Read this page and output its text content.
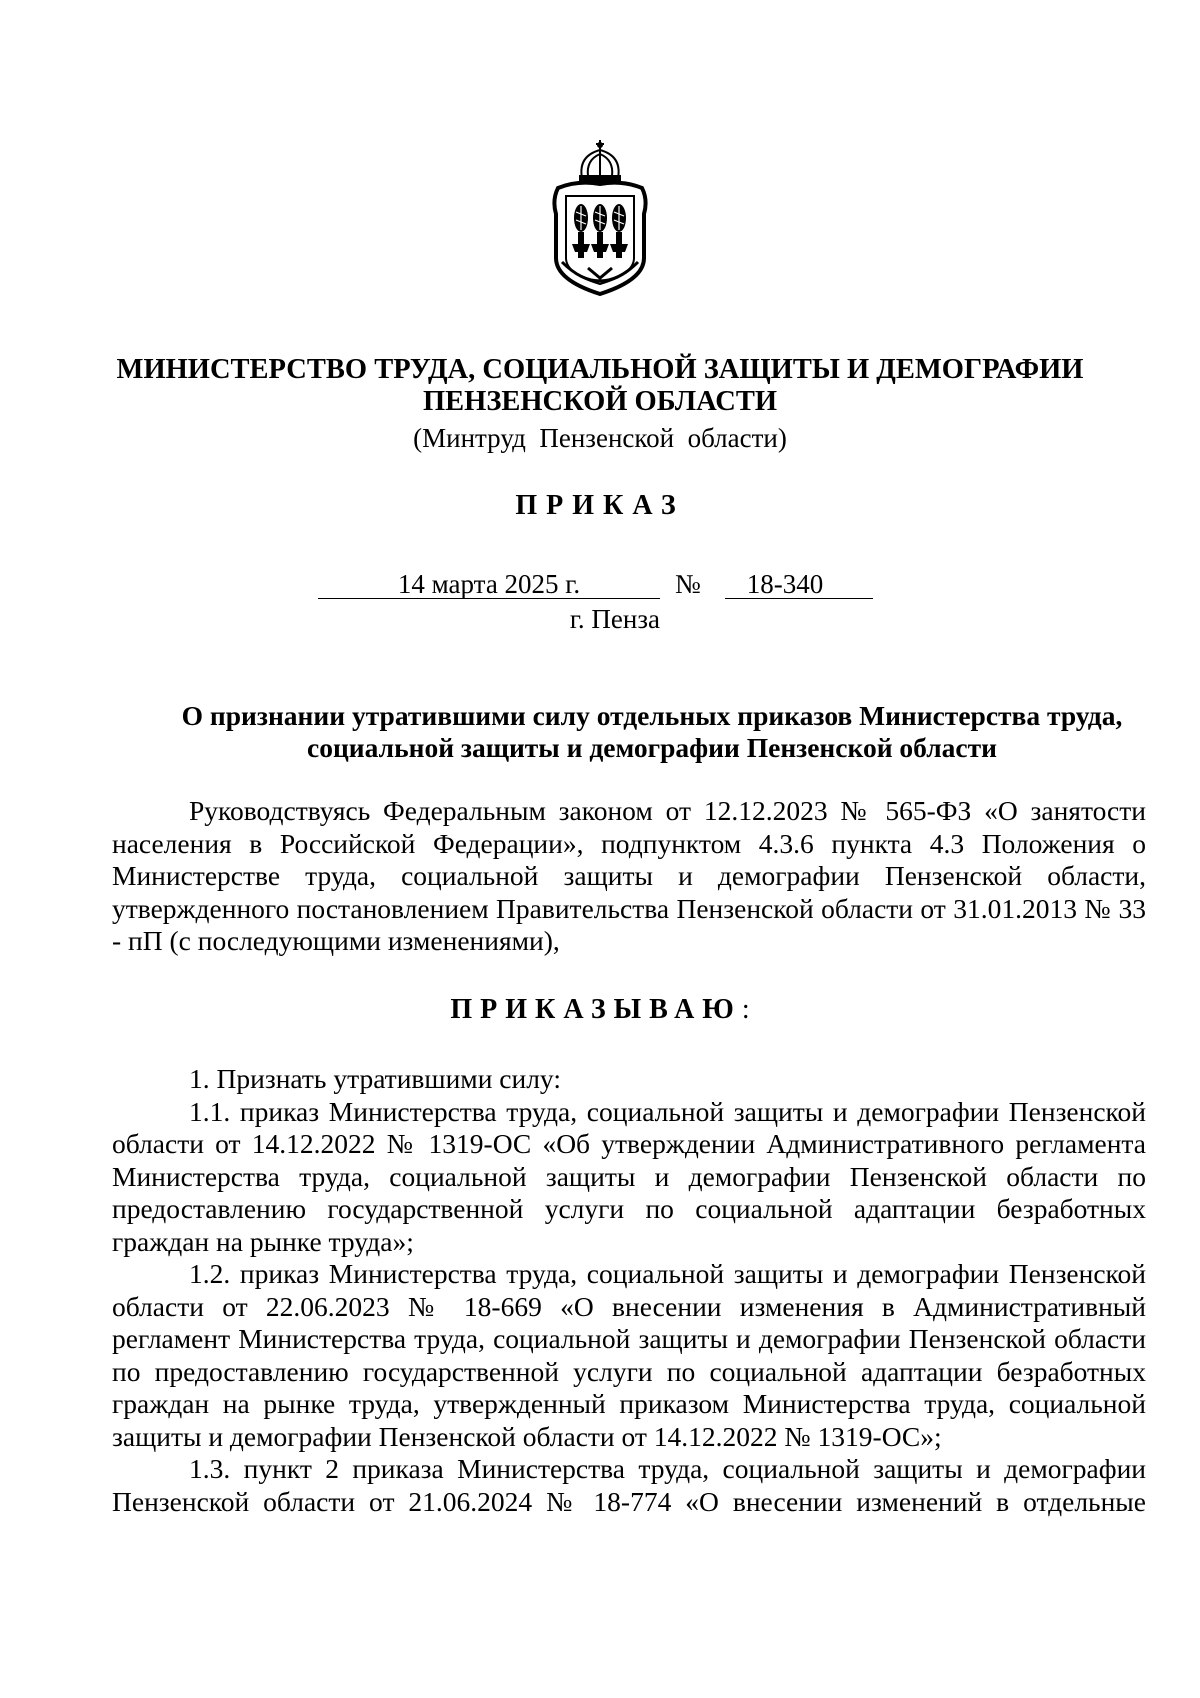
МИНИСТЕРСТВО ТРУДА, СОЦИАЛЬНОЙ ЗАЩИТЫ И ДЕМОГРАФИИ
ПЕНЗЕНСКОЙ ОБЛАСТИ
(Минтруд  Пензенской  области)
ПРИКАЗ
14 марта 2025 г.	№	18-340
г. Пенза
О признании утратившими силу отдельных приказов Министерства труда,
социальной защиты и демографии Пензенской области

Руководствуясь Федеральным законом от 12.12.2023 № 565-ФЗ «О занятости населения в Российской Федерации», подпунктом 4.3.6 пункта 4.3 Положения о Министерстве труда, социальной защиты и демографии Пензенской области, утвержденного постановлением Правительства Пензенской области от 31.01.2013 № 33 - пП (с последующими изменениями),

ПРИКАЗЫВАЮ:

1. Признать утратившими силу:

1.1. приказ Министерства труда, социальной защиты и демографии Пензенской области от 14.12.2022 № 1319-ОС «Об утверждении Административного регламента Министерства труда, социальной защиты и демографии Пензенской области по предоставлению государственной услуги по социальной адаптации безработных граждан на рынке труда»;

1.2. приказ Министерства труда, социальной защиты и демографии Пензенской области от 22.06.2023 № 18-669 «О внесении изменения в Административный регламент Министерства труда, социальной защиты и демографии Пензенской области по предоставлению государственной услуги по социальной адаптации безработных граждан на рынке труда, утвержденный приказом Министерства труда, социальной защиты и демографии Пензенской области от 14.12.2022 № 1319-ОС»;

1.3. пункт 2 приказа Министерства труда, социальной защиты и демографии Пензенской области от 21.06.2024 № 18-774 «О внесении изменений в отдельные
